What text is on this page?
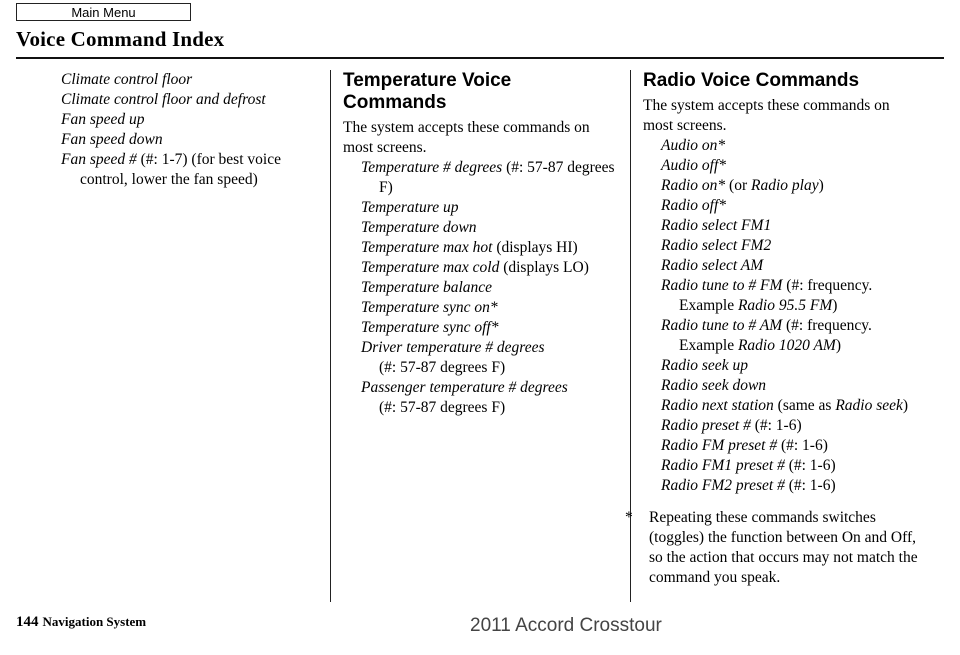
Main Menu
Voice Command Index
Climate control floor
Climate control floor and defrost
Fan speed up
Fan speed down
Fan speed # (#: 1-7) (for best voice control, lower the fan speed)
Temperature Voice Commands
The system accepts these commands on most screens.
Temperature # degrees (#: 57-87 degrees F)
Temperature up
Temperature down
Temperature max hot (displays HI)
Temperature max cold (displays LO)
Temperature balance
Temperature sync on*
Temperature sync off*
Driver temperature # degrees
(#: 57-87 degrees F)
Passenger temperature # degrees
(#: 57-87 degrees F)
Radio Voice Commands
The system accepts these commands on most screens.
Audio on*
Audio off*
Radio on* (or Radio play)
Radio off*
Radio select FM1
Radio select FM2
Radio select AM
Radio tune to # FM (#: frequency. Example Radio 95.5 FM)
Radio tune to # AM (#: frequency. Example Radio 1020 AM)
Radio seek up
Radio seek down
Radio next station (same as Radio seek)
Radio preset # (#: 1-6)
Radio FM preset # (#: 1-6)
Radio FM1 preset # (#: 1-6)
Radio FM2 preset # (#: 1-6)
* Repeating these commands switches (toggles) the function between On and Off, so the action that occurs may not match the command you speak.
144 Navigation System	2011 Accord Crosstour
